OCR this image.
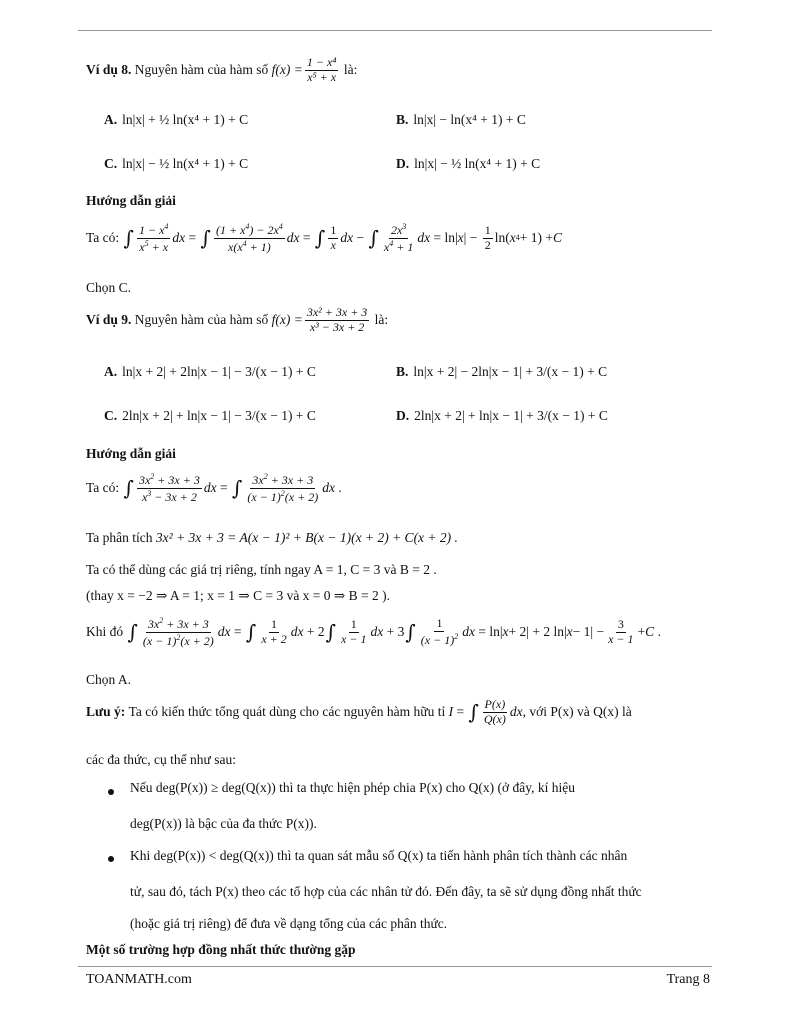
Ví dụ 8.
Nguyên hàm của hàm số
$f(x) = \frac{\text{1 − x⁴}}{\text{x⁵ + x}}$
là:
A. ln|x| + ½ ln(x⁴ + 1) + C	B. ln|x| − ln(x⁴ + 1) + C
C. ln|x| − ½ ln(x⁴ + 1) + C	D. ln|x| − ½ ln(x⁴ + 1) + C
Hướng dẫn giải
Ta có:
∫ $\frac{1 - x^4}{x^5 + x}$ dx = ∫ $\frac{(1 + x^4) - 2x^4}{x(x^4 + 1)}$ dx = ∫ $\frac{1}{x}$ dx − ∫ $\frac{2x^3}{x^4 + 1}$ dx = ln| x | − $\frac{1}{2} \ln$( x 4 + 1) + C
Chọn C.
Ví dụ 9.
Nguyên hàm của hàm số
$f(x) = \frac{\text{3x² + 3x + 3}}{\text{x³ − 3x + 2}}$
là:
A. ln|x + 2| + 2ln|x − 1| − 3/(x − 1) + C	B. ln|x + 2| − 2ln|x − 1| + 3/(x − 1) + C
C. 2ln|x + 2| + ln|x − 1| − 3/(x − 1) + C	D. 2ln|x + 2| + ln|x − 1| + 3/(x − 1) + C
Hướng dẫn giải
Ta có:
∫ $\frac{3x^2 + 3x + 3}{x^3 - 3x + 2}$ dx = ∫ $\frac{3x^2 + 3x + 3}{(x - 1)^2(x + 2)}$ dx .
Ta phân tích
3x² + 3x + 3 = A(x − 1)² + B(x − 1)(x + 2) + C(x + 2) .
Ta có thể dùng các giá trị riêng, tính ngay A = 1, C = 3 và B = 2 .
(thay x = −2 ⇒ A = 1; x = 1 ⇒ C = 3 và x = 0 ⇒ B = 2 ).
Khi đó
∫ $\frac{3x^2 + 3x + 3}{(x - 1)^2(x + 2)}$ dx = ∫ $\frac{1}{x + 2}$ dx + 2 ∫ $\frac{1}{x - 1}$ dx + 3 ∫ $\frac{1}{(x - 1)^2}$ dx = ln| x + 2| + 2 ln| $x - 1| - \frac{3}{x - 1} + C$ .
Chọn A.
Lưu ý:
Ta có kiến thức tổng quát dùng cho các nguyên hàm hữu tỉ
I = ∫ $\frac{P(x)}{Q(x)}$ dx , với P(x) và Q(x) là
các đa thức, cụ thể như sau:
Nếu deg(P(x)) ≥ deg(Q(x)) thì ta thực hiện phép chia P(x) cho Q(x) (ở đây, kí hiệu
deg(P(x)) là bậc của đa thức P(x)).
Khi deg(P(x)) < deg(Q(x)) thì ta quan sát mẫu số Q(x) ta tiến hành phân tích thành các nhân
tử, sau đó, tách P(x) theo các tổ hợp của các nhân tử đó. Đến đây, ta sẽ sử dụng đồng nhất thức
(hoặc giá trị riêng) để đưa về dạng tổng của các phân thức.
Một số trường hợp đồng nhất thức thường gặp
TOANMATH.com	Trang 8
